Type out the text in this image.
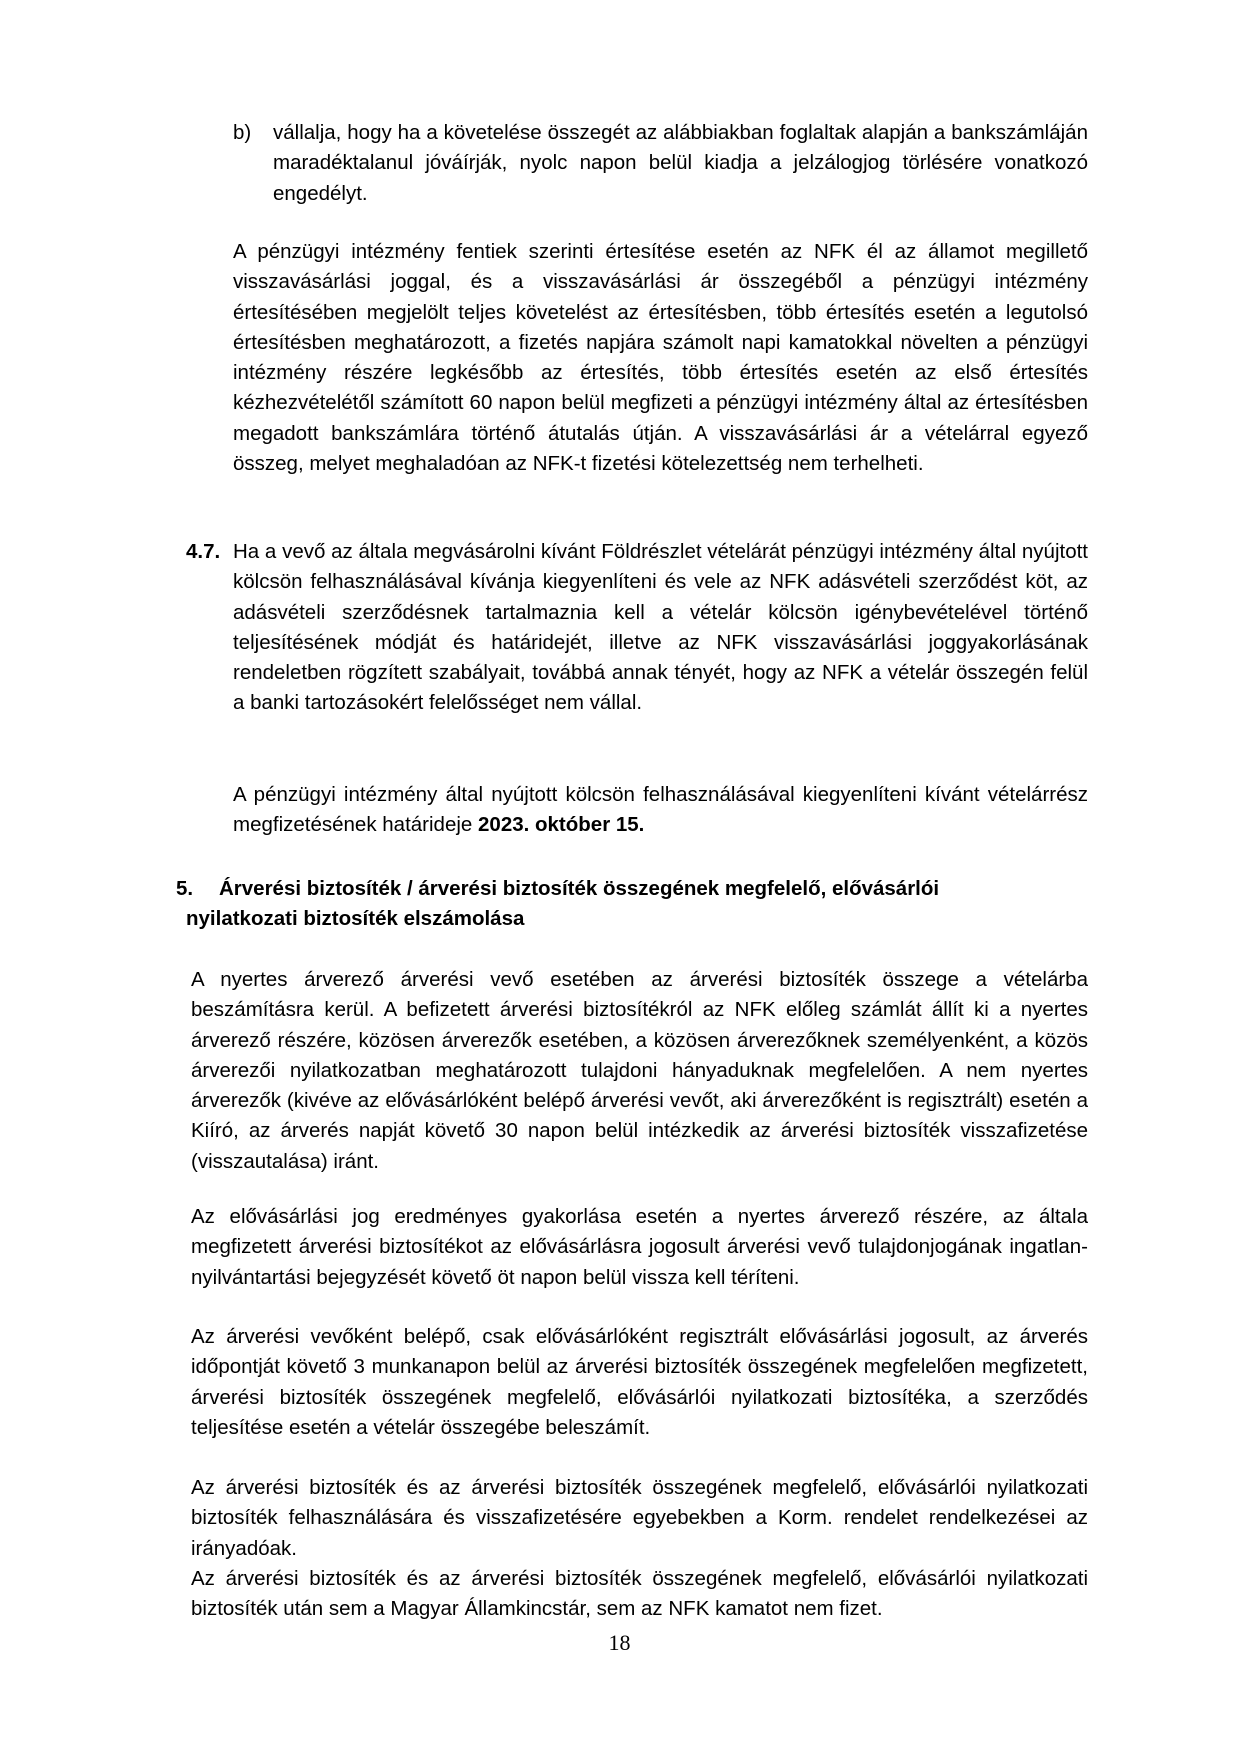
b)	vállalja, hogy ha a követelése összegét az alábbiakban foglaltak alapján a bankszámláján maradéktalanul jóváírják, nyolc napon belül kiadja a jelzálogjog törlésére vonatkozó engedélyt.

A pénzügyi intézmény fentiek szerinti értesítése esetén az NFK él az államot megillető visszavásárlási joggal, és a visszavásárlási ár összegéből a pénzügyi intézmény értesítésében megjelölt teljes követelést az értesítésben, több értesítés esetén a legutolsó értesítésben meghatározott, a fizetés napjára számolt napi kamatokkal növelten a pénzügyi intézmény részére legkésőbb az értesítés, több értesítés esetén az első értesítés kézhezvételétől számított 60 napon belül megfizeti a pénzügyi intézmény által az értesítésben megadott bankszámlára történő átutalás útján. A visszavásárlási ár a vételárral egyező összeg, melyet meghaladóan az NFK-t fizetési kötelezettség nem terhelheti.

4.7. Ha a vevő az általa megvásárolni kívánt Földrészlet vételárát pénzügyi intézmény által nyújtott kölcsön felhasználásával kívánja kiegyenlíteni és vele az NFK adásvételi szerződést köt, az adásvételi szerződésnek tartalmaznia kell a vételár kölcsön igénybevételével történő teljesítésének módját és határidejét, illetve az NFK visszavásárlási joggyakorlásának rendeletben rögzített szabályait, továbbá annak tényét, hogy az NFK a vételár összegén felül a banki tartozásokért felelősséget nem vállal.

A pénzügyi intézmény által nyújtott kölcsön felhasználásával kiegyenlíteni kívánt vételárrész megfizetésének határideje 2023. október 15.

5.	Árverési biztosíték / árverési biztosíték összegének megfelelő, elővásárlói

nyilatkozati biztosíték elszámolása

A nyertes árverező árverési vevő esetében az árverési biztosíték összege a vételárba beszámításra kerül. A befizetett árverési biztosítékról az NFK előleg számlát állít ki a nyertes árverező részére, közösen árverezők esetében, a közösen árverezőknek személyenként, a közös árverezői nyilatkozatban meghatározott tulajdoni hányaduknak megfelelően. A nem nyertes árverezők (kivéve az elővásárlóként belépő árverési vevőt, aki árverezőként is regisztrált) esetén a Kiíró, az árverés napját követő 30 napon belül intézkedik az árverési biztosíték visszafizetése (visszautalása) iránt.

Az elővásárlási jog eredményes gyakorlása esetén a nyertes árverező részére, az általa megfizetett árverési biztosítékot az elővásárlásra jogosult árverési vevő tulajdonjogának ingatlan-nyilvántartási bejegyzését követő öt napon belül vissza kell téríteni.

Az árverési vevőként belépő, csak elővásárlóként regisztrált elővásárlási jogosult, az árverés időpontját követő 3 munkanapon belül az árverési biztosíték összegének megfelelően megfizetett, árverési biztosíték összegének megfelelő, elővásárlói nyilatkozati biztosítéka, a szerződés teljesítése esetén a vételár összegébe beleszámít.

Az árverési biztosíték és az árverési biztosíték összegének megfelelő, elővásárlói nyilatkozati biztosíték felhasználására és visszafizetésére egyebekben a Korm. rendelet rendelkezései az irányadóak.

Az árverési biztosíték és az árverési biztosíték összegének megfelelő, elővásárlói nyilatkozati biztosíték után sem a Magyar Államkincstár, sem az NFK kamatot nem fizet.

18
